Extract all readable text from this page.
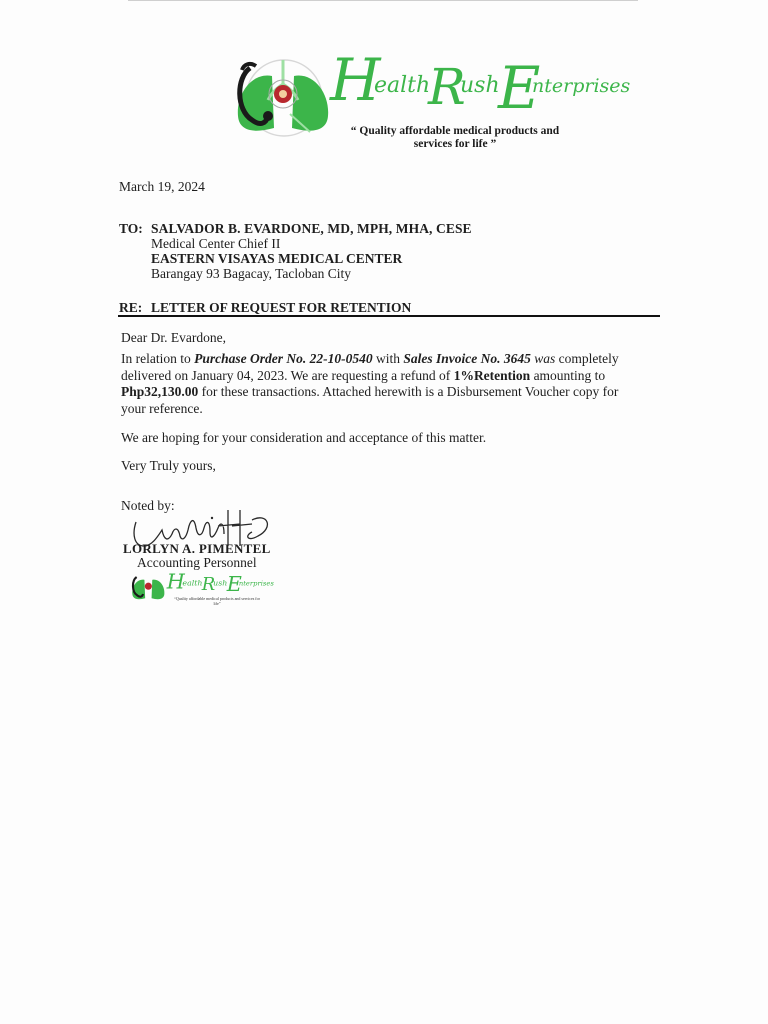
H
ealth
R
ush
E
nterprises
“ Quality affordable medical products and
services for life ”
March 19, 2024
TO: SALVADOR B. EVARDONE, MD, MPH, MHA, CESE
Medical Center Chief II
EASTERN VISAYAS MEDICAL CENTER
Barangay 93 Bagacay, Tacloban City
RE: LETTER OF REQUEST FOR RETENTION
Dear Dr. Evardone,
In relation to Purchase Order No. 22-10-0540 with Sales Invoice No. 3645 was completely
delivered on January 04, 2023. We are requesting a refund of 1%Retention amounting to
Php32,130.00 for these transactions. Attached herewith is a Disbursement Voucher copy for
your reference.
We are hoping for your consideration and acceptance of this matter.
Very Truly yours,
Noted by:
LORLYN A. PIMENTEL
Accounting Personnel
H
ealth R
ush E
nterprises
“Quality affordable medical products and services for life”
